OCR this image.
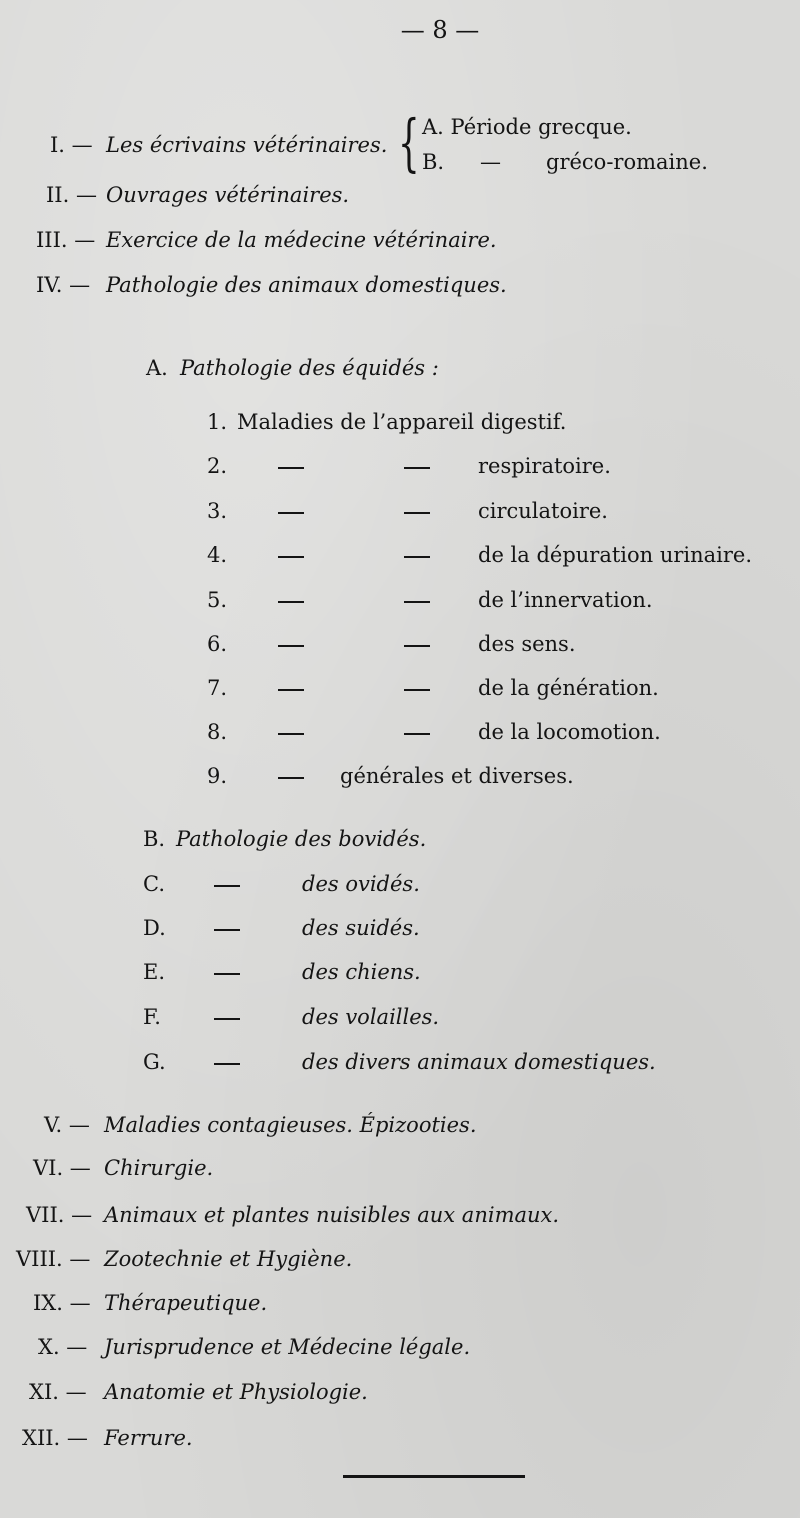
— 8 —
I. — Les écrivains vétérinaires. { A. Période grecque.
B. — gréco-romaine.
II. — Ouvrages vétérinaires.
III. — Exercice de la médecine vétérinaire.
IV. — Pathologie des animaux domestiques.
A. Pathologie des équidés :
1. Maladies de l’appareil digestif.
2.	respiratoire.
3.	circulatoire.
4.	de la dépuration urinaire.
5.	de l’innervation.
6.	des sens.
7.	de la génération.
8.	de la locomotion.
9.	générales et diverses.
B. Pathologie des bovidés.
C.	des ovidés.
D.	des suidés.
E.	des chiens.
F.	des volailles.
G.	des divers animaux domestiques.
V. — Maladies contagieuses. Épizooties.
VI. — Chirurgie.
VII. — Animaux et plantes nuisibles aux animaux.
VIII. — Zootechnie et Hygiène.
IX. — Thérapeutique.
X. — Jurisprudence et Médecine légale.
XI. — Anatomie et Physiologie.
XII. — Ferrure.
